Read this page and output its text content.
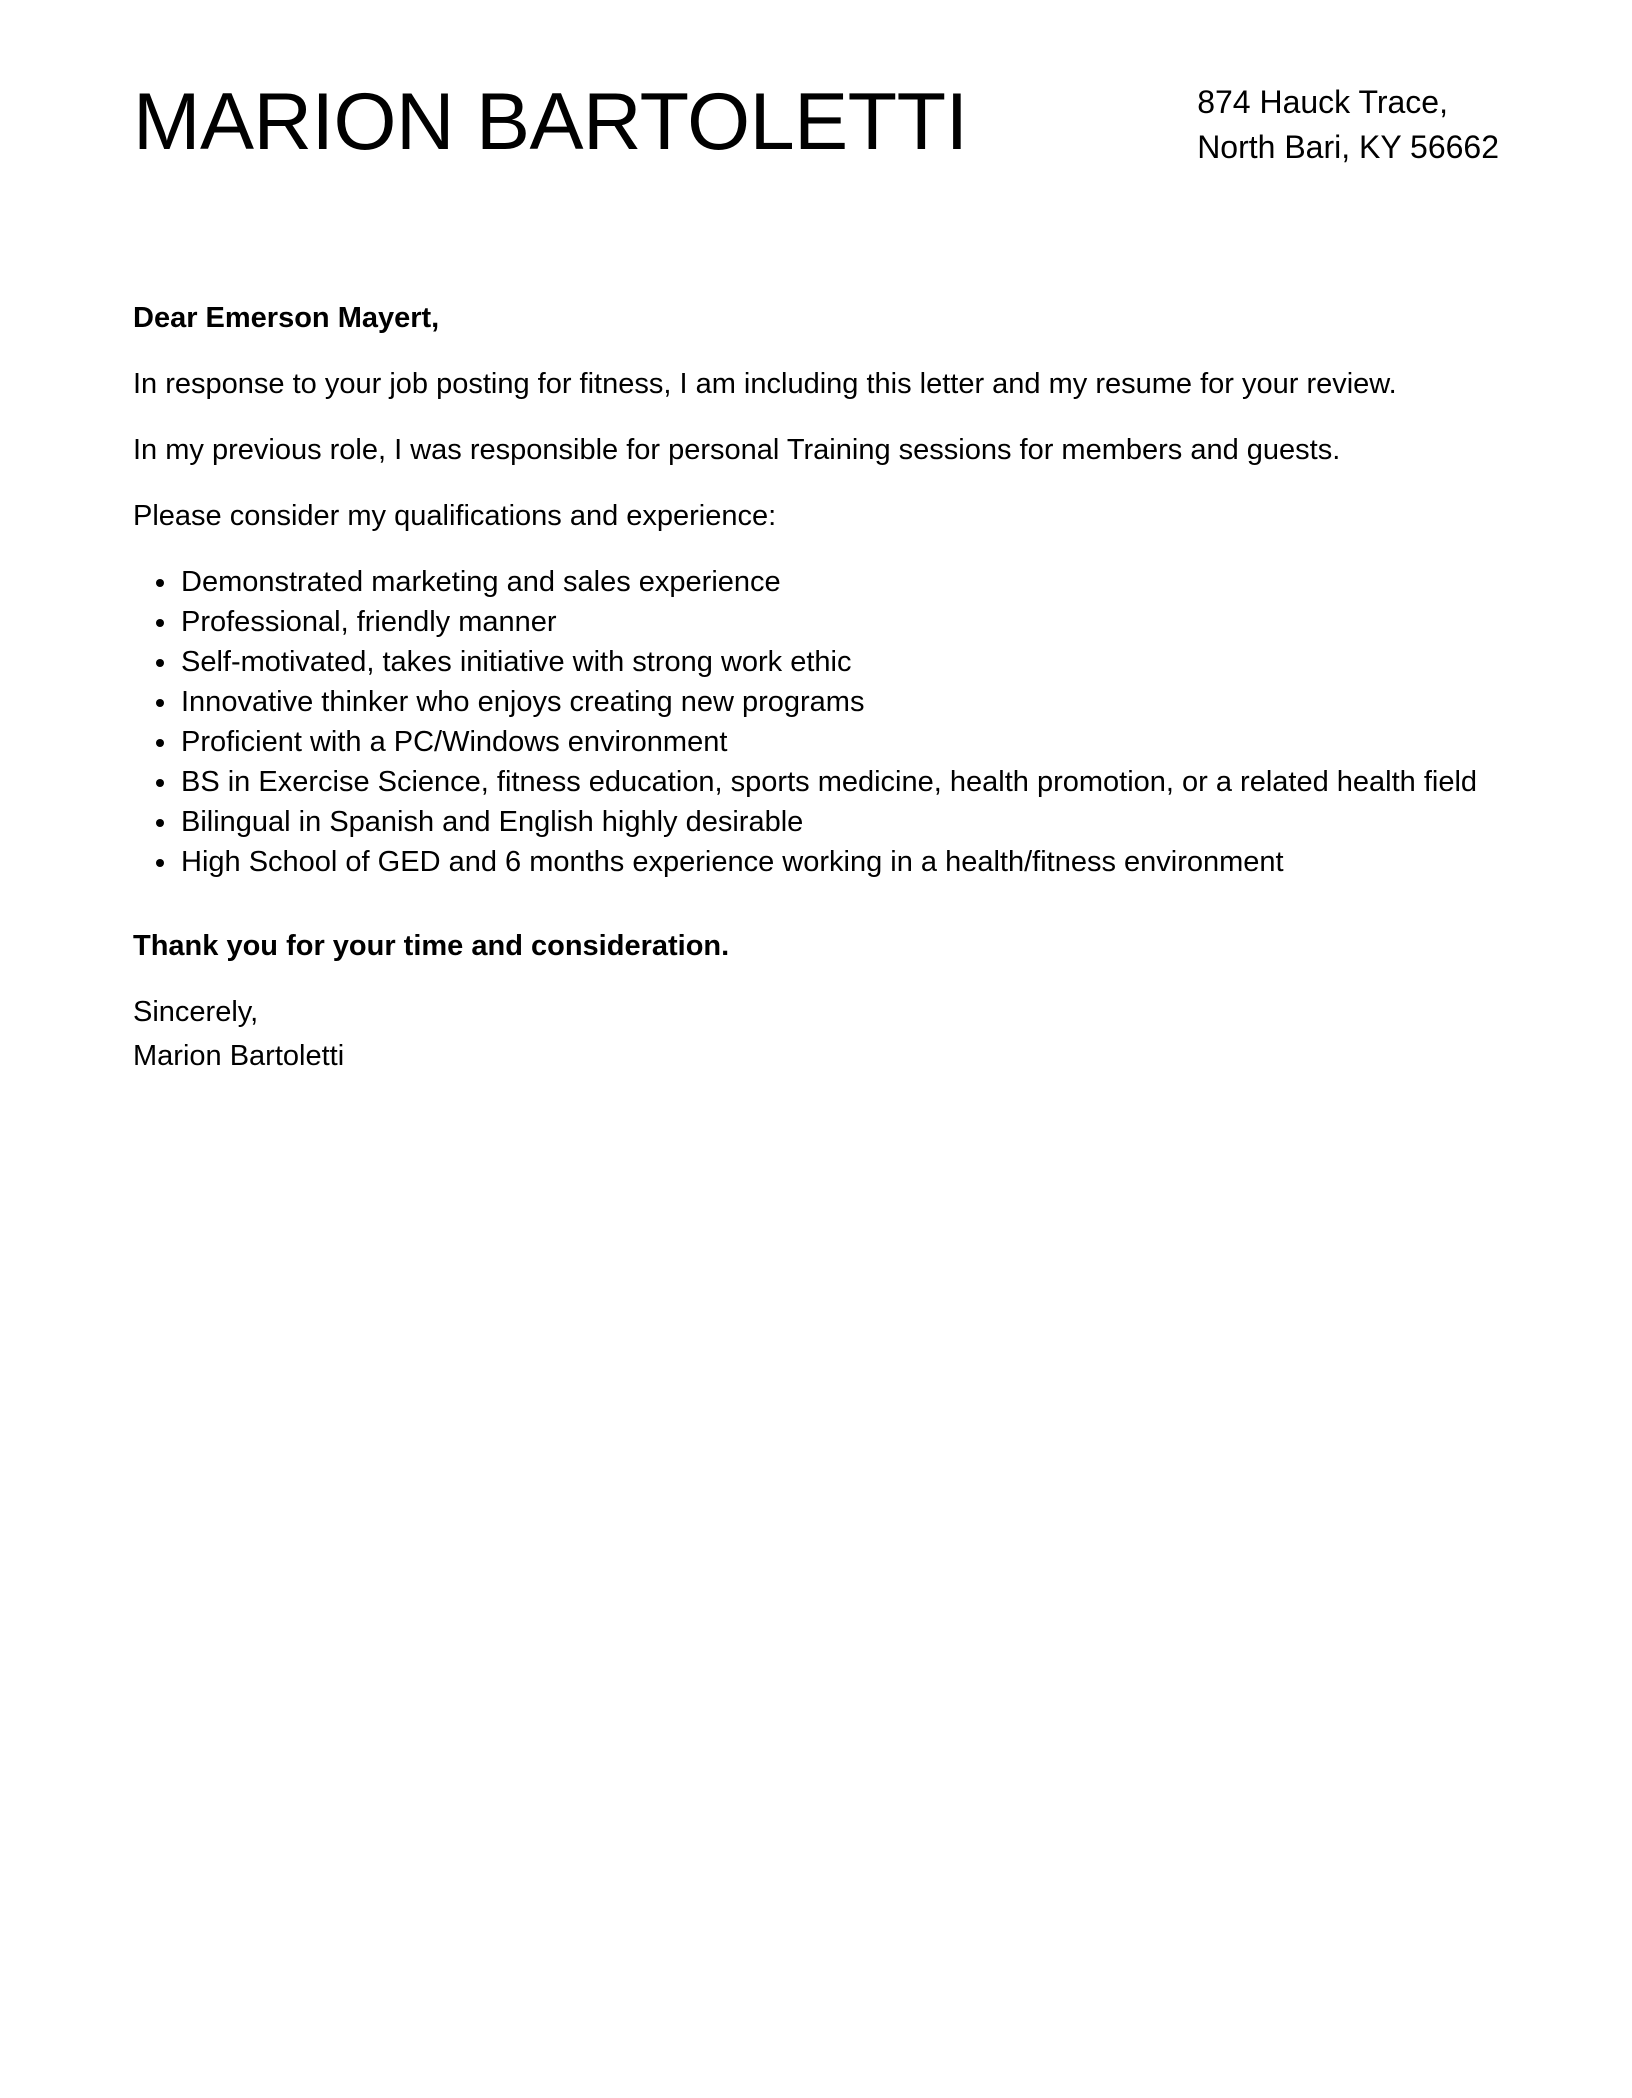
MARION BARTOLETTI	874 Hauck Trace,
North Bari, KY 56662

Dear Emerson Mayert,

In response to your job posting for fitness, I am including this letter and my resume for your review.

In my previous role, I was responsible for personal Training sessions for members and guests.

Please consider my qualifications and experience:

Demonstrated marketing and sales experience
Professional, friendly manner
Self-motivated, takes initiative with strong work ethic
Innovative thinker who enjoys creating new programs
Proficient with a PC/Windows environment
BS in Exercise Science, fitness education, sports medicine, health promotion, or a related health field
Bilingual in Spanish and English highly desirable
High School of GED and 6 months experience working in a health/fitness environment

Thank you for your time and consideration.

Sincerely,
Marion Bartoletti
